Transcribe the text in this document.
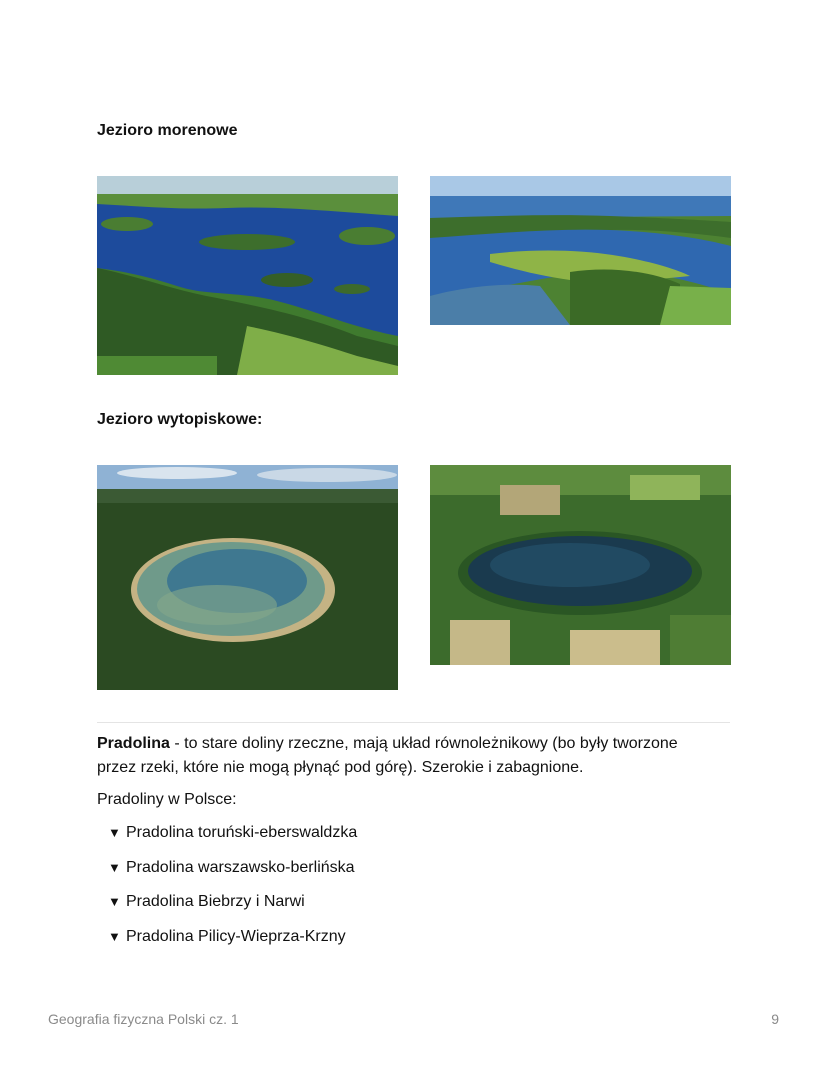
Jezioro morenowe
Jezioro wytopiskowe:

Pradolina - to stare doliny rzeczne, mają układ równoleżnikowy (bo były tworzone
przez rzeki, które nie mogą płynąć pod górę). Szerokie i zabagnione.

Pradoliny w Polsce:

▼ Pradolina toruński-eberswaldzka
▼ Pradolina warszawsko-berlińska
▼ Pradolina Biebrzy i Narwi
▼ Pradolina Pilicy-Wieprza-Krzny
Geografia fizyczna Polski cz. 1	9
